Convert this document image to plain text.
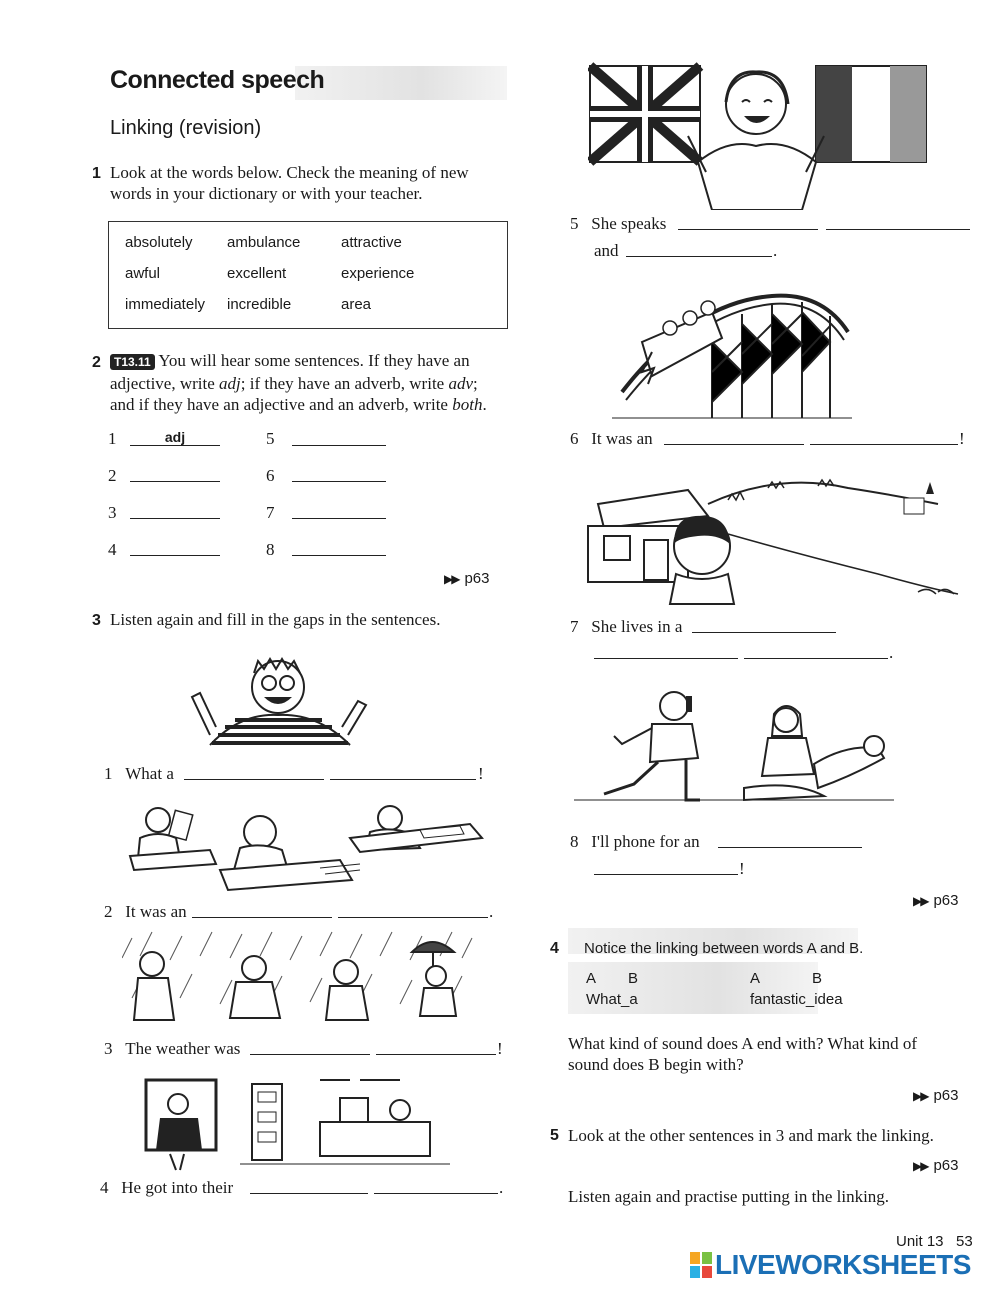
Connected speech
Linking (revision)
1 Look at the words below. Check the meaning of new
words in your dictionary or with your teacher.
absolutely ambulance	attractive
awful	excellent	experience
immediately incredible	area
2	T13.11 You will hear some sentences. If they have an
adjective, write adj; if they have an adverb, write adv;
and if they have an adjective and an adverb, write both.
1	adj
2
3
4
5
6
7
8
▶▶ p63
3 Listen again and fill in the gaps in the sentences.
1 What a	!
2 It was an	.
3 The weather was	!
4 He got into their	.
5 She speaks
and	.
6 It was an	!
7 She lives in a
.
8 I'll phone for an
!
▶▶ p63
4 Notice the linking between words A and B.
A B	A	B
What_a	fantastic_idea
What kind of sound does A end with? What kind of
sound does B begin with?
▶▶ p63
5 Look at the other sentences in 3 and mark the linking.
▶▶ p63
Listen again and practise putting in the linking.
Unit 13 53
LIVEWORKSHEETS
